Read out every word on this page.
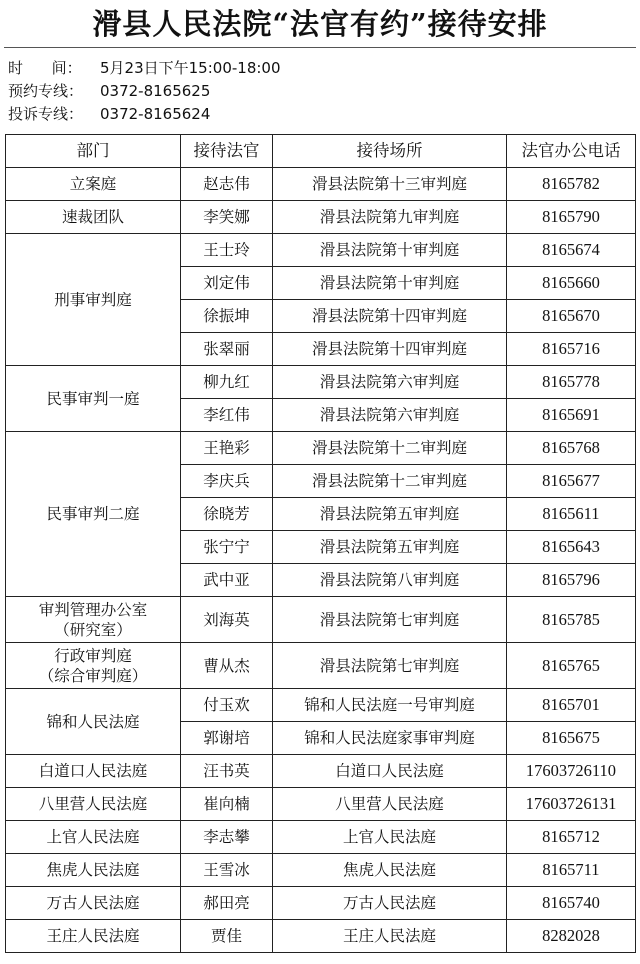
滑县人民法院“法官有约”接待安排
时      间： 5月23日下午15:00-18:00
预约专线： 0372-8165625
投诉专线： 0372-8165624
部门	接待法官	接待场所	法官办公电话

立案庭	赵志伟	滑县法院第十三审判庭	8165782

速裁团队	李笑娜	滑县法院第九审判庭	8165790

刑事审判庭	王士玲	滑县法院第十审判庭	8165674
	刘定伟	滑县法院第十审判庭	8165660
	徐振坤	滑县法院第十四审判庭	8165670
	张翠丽	滑县法院第十四审判庭	8165716

民事审判一庭	柳九红	滑县法院第六审判庭	8165778
	李红伟	滑县法院第六审判庭	8165691

民事审判二庭	王艳彩	滑县法院第十二审判庭	8165768
	李庆兵	滑县法院第十二审判庭	8165677
	徐晓芳	滑县法院第五审判庭	8165611
	张宁宁	滑县法院第五审判庭	8165643
	武中亚	滑县法院第八审判庭	8165796

审判管理办公室
（研究室）	刘海英	滑县法院第七审判庭	8165785

行政审判庭
（综合审判庭）	曹从杰	滑县法院第七审判庭	8165765

锦和人民法庭	付玉欢	锦和人民法庭一号审判庭	8165701
	郭谢培	锦和人民法庭家事审判庭	8165675

白道口人民法庭	汪书英	白道口人民法庭	17603726110

八里营人民法庭	崔向楠	八里营人民法庭	17603726131

上官人民法庭	李志攀	上官人民法庭	8165712

焦虎人民法庭	王雪冰	焦虎人民法庭	8165711

万古人民法庭	郝田亮	万古人民法庭	8165740

王庄人民法庭	贾佳	王庄人民法庭	8282028
